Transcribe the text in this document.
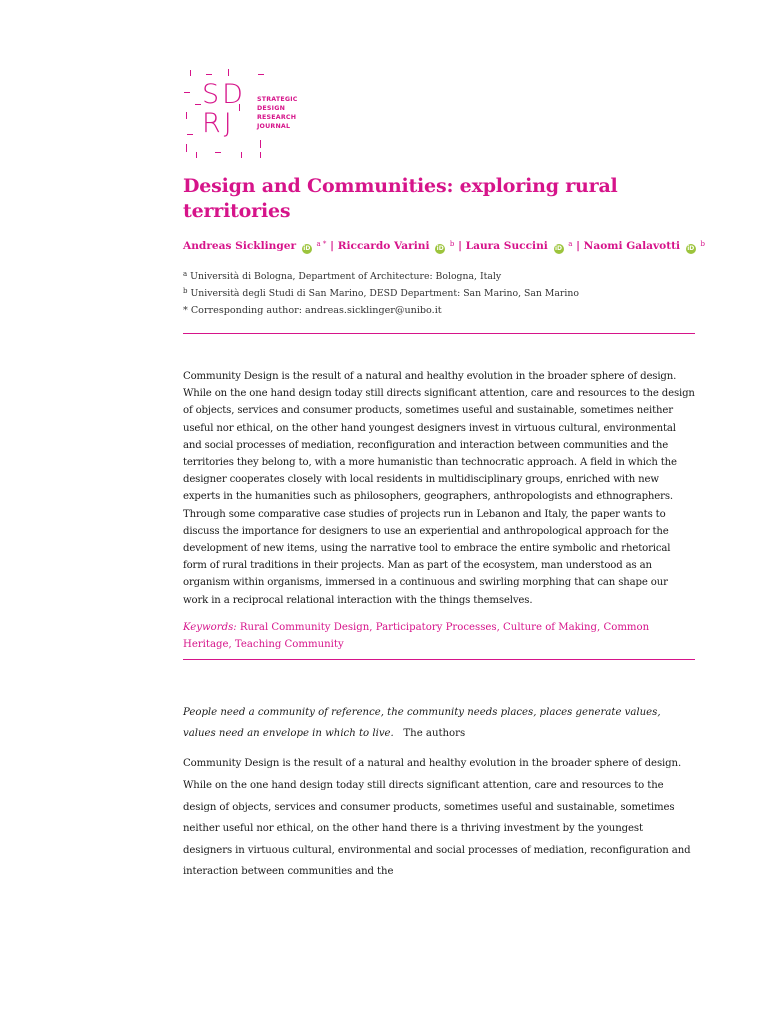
SD
RJ
STRATEGIC
DESIGN
RESEARCH
JOURNAL
Design and Communities: exploring rural territories
Andreas Sicklinger iD $^{a *}$ | Riccardo Varini iD $^b$ | Laura Succini iD $^a$ | Naomi Galavotti iD $^b$
$^a$ Università di Bologna, Department of Architecture: Bologna, Italy
$^b$ Università degli Studi di San Marino, DESD Department: San Marino, San Marino
* Corresponding author: andreas.sicklinger@unibo.it

Community Design is the result of a natural and healthy evolution in the broader sphere of design. While on the one hand design today still directs significant attention, care and resources to the design of objects, services and consumer products, sometimes useful and sustainable, sometimes neither useful nor ethical, on the other hand youngest designers invest in virtuous cultural, environmental and social processes of mediation, reconfiguration and interaction between communities and the territories they belong to, with a more humanistic than technocratic approach. A field in which the designer cooperates closely with local residents in multidisciplinary groups, enriched with new experts in the humanities such as philosophers, geographers, anthropologists and ethnographers. Through some comparative case studies of projects run in Lebanon and Italy, the paper wants to discuss the importance for designers to use an experiential and anthropological approach for the development of new items, using the narrative tool to embrace the entire symbolic and rhetorical form of rural traditions in their projects. Man as part of the ecosystem, man understood as an organism within organisms, immersed in a continuous and swirling morphing that can shape our work in a reciprocal relational interaction with the things themselves.

Keywords: Rural Community Design, Participatory Processes, Culture of Making, Common Heritage, Teaching Community
People need a community of reference, the community needs places, places generate values, values need an envelope in which to live. The authors

Community Design is the result of a natural and healthy evolution in the broader sphere of design. While on the one hand design today still directs significant attention, care and resources to the design of objects, services and consumer products, sometimes useful and sustainable, sometimes neither useful nor ethical, on the other hand there is a thriving investment by the youngest designers in virtuous cultural, environmental and social processes of mediation, reconfiguration and interaction between communities and the
